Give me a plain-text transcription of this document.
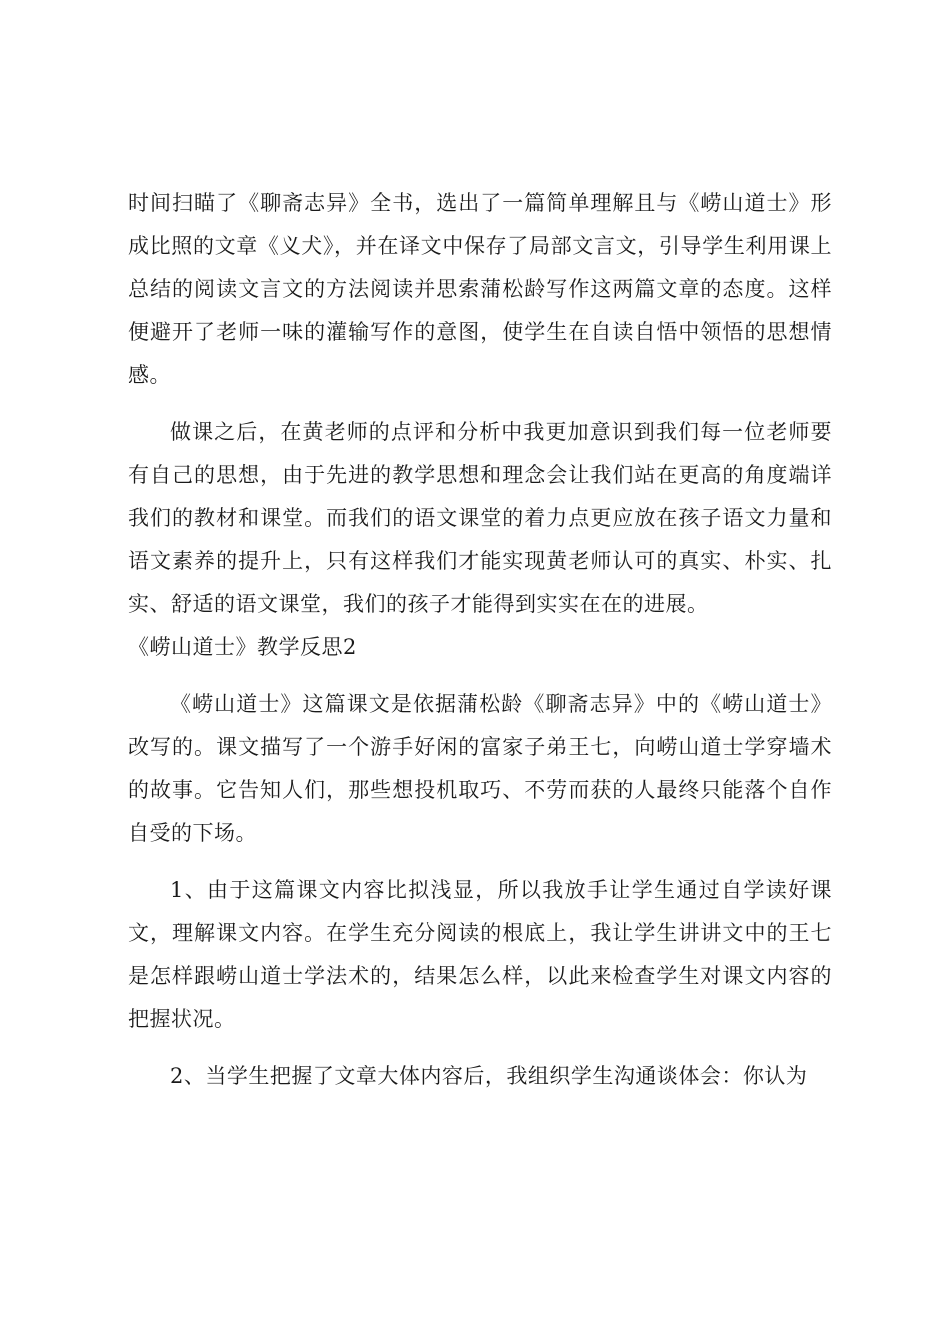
时间扫瞄了《聊斋志异》全书，选出了一篇简单理解且与《崂山道士》形成比照的文章《义犬》，并在译文中保存了局部文言文，引导学生利用课上总结的阅读文言文的方法阅读并思索蒲松龄写作这两篇文章的态度。这样便避开了老师一味的灌输写作的意图，使学生在自读自悟中领悟的思想情感。

做课之后，在黄老师的点评和分析中我更加意识到我们每一位老师要有自己的思想，由于先进的教学思想和理念会让我们站在更高的角度端详我们的教材和课堂。而我们的语文课堂的着力点更应放在孩子语文力量和语文素养的提升上，只有这样我们才能实现黄老师认可的真实、朴实、扎实、舒适的语文课堂，我们的孩子才能得到实实在在的进展。

《崂山道士》教学反思2

《崂山道士》这篇课文是依据蒲松龄《聊斋志异》中的《崂山道士》改写的。课文描写了一个游手好闲的富家子弟王七，向崂山道士学穿墙术的故事。它告知人们，那些想投机取巧、不劳而获的人最终只能落个自作自受的下场。

1、由于这篇课文内容比拟浅显，所以我放手让学生通过自学读好课文，理解课文内容。在学生充分阅读的根底上，我让学生讲讲文中的王七是怎样跟崂山道士学法术的，结果怎么样，以此来检查学生对课文内容的把握状况。

2、当学生把握了文章大体内容后，我组织学生沟通谈体会：你认为
